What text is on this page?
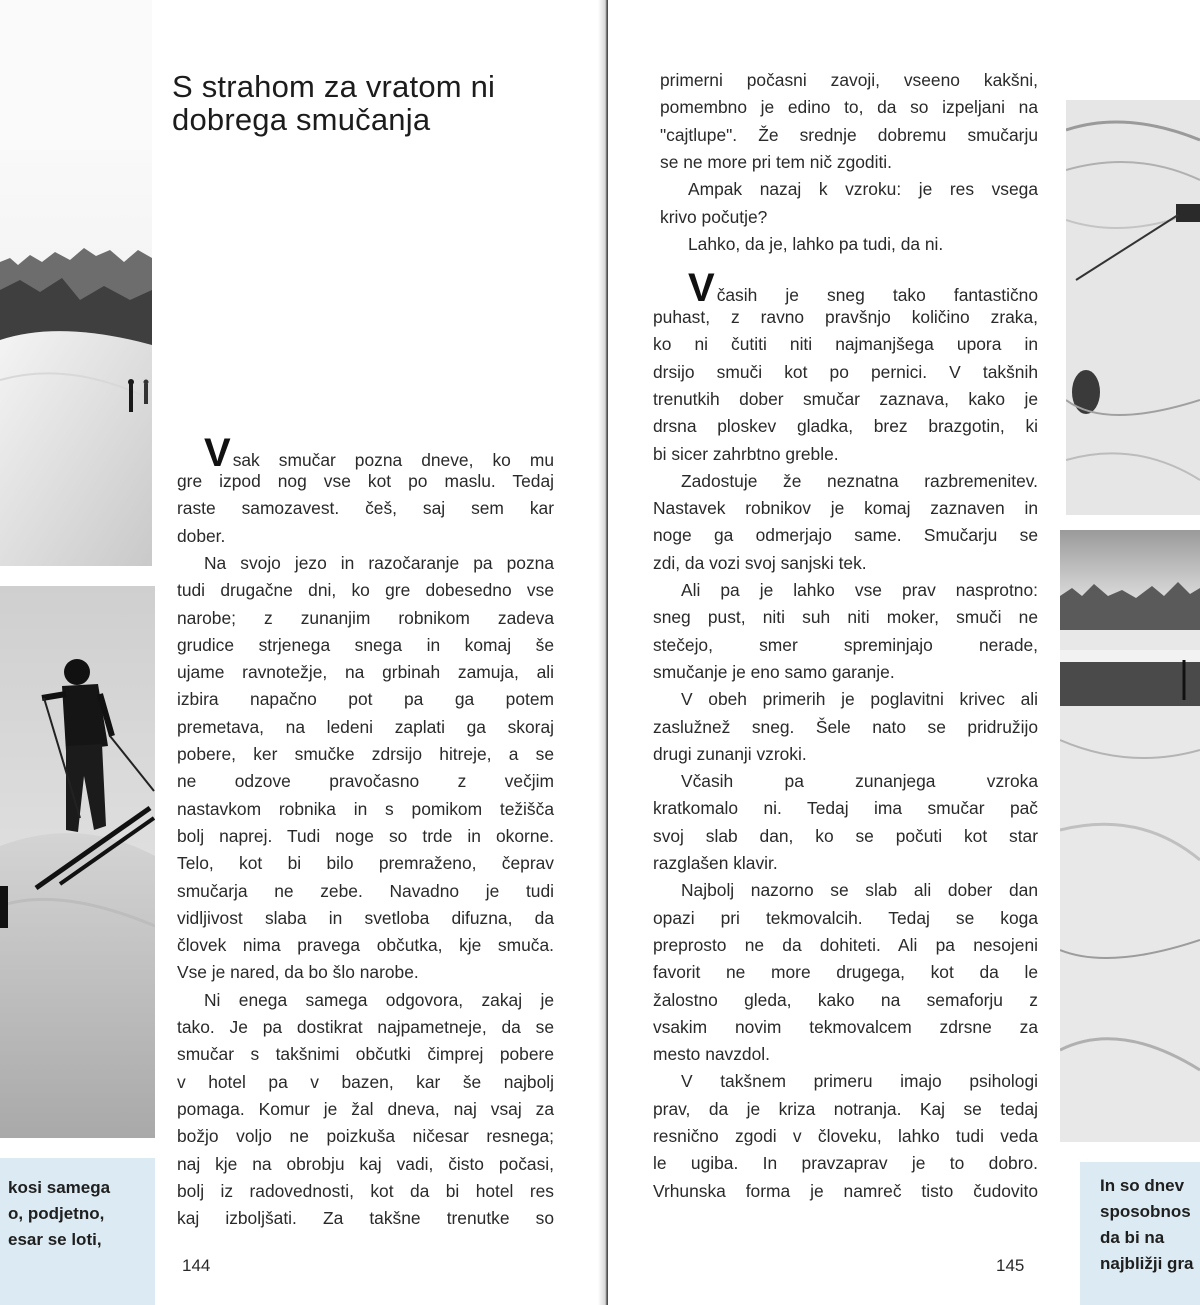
kosi samega
o, podjetno,
esar se loti,
S strahom za vratom ni
dobrega smučanja
Vsak smučar pozna dneve, ko mu
gre izpod nog vse kot po maslu. Tedaj
raste samozavest. češ, saj sem kar
dober.
Na svojo jezo in razočaranje pa pozna
tudi drugačne dni, ko gre dobesedno vse
narobe; z zunanjim robnikom zadeva
grudice strjenega snega in komaj še
ujame ravnotežje, na grbinah zamuja, ali
izbira napačno pot pa ga potem
premetava, na ledeni zaplati ga skoraj
pobere, ker smučke zdrsijo hitreje, a se
ne odzove pravočasno z večjim
nastavkom robnika in s pomikom težišča
bolj naprej. Tudi noge so trde in okorne.
Telo, kot bi bilo premraženo, čeprav
smučarja ne zebe. Navadno je tudi
vidljivost slaba in svetloba difuzna, da
človek nima pravega občutka, kje smuča.
Vse je nared, da bo šlo narobe.
Ni enega samega odgovora, zakaj je
tako. Je pa dostikrat najpametneje, da se
smučar s takšnimi občutki čimprej pobere
v hotel pa v bazen, kar še najbolj
pomaga. Komur je žal dneva, naj vsaj za
božjo voljo ne poizkuša ničesar resnega;
naj kje na obrobju kaj vadi, čisto počasi,
bolj iz radovednosti, kot da bi hotel res
kaj izboljšati. Za takšne trenutke so
144
Včasih je sneg tako fantastično
primerni počasni zavoji, vseeno kakšni,
pomembno je edino to, da so izpeljani na
"cajtlupe". Že srednje dobremu smučarju
se ne more pri tem nič zgoditi.
Ampak nazaj k vzroku: je res vsega
krivo počutje?
Lahko, da je, lahko pa tudi, da ni.
puhast, z ravno pravšnjo količino zraka,
ko ni čutiti niti najmanjšega upora in
drsijo smuči kot po pernici. V takšnih
trenutkih dober smučar zaznava, kako je
drsna ploskev gladka, brez brazgotin, ki
bi sicer zahrbtno greble.
Zadostuje že neznatna razbremenitev.
Nastavek robnikov je komaj zaznaven in
noge ga odmerjajo same. Smučarju se
zdi, da vozi svoj sanjski tek.
Ali pa je lahko vse prav nasprotno:
sneg pust, niti suh niti moker, smuči ne
stečejo, smer spreminjajo nerade,
smučanje je eno samo garanje.
V obeh primerih je poglavitni krivec ali
zaslužnež sneg. Šele nato se pridružijo
drugi zunanji vzroki.
Včasih pa zunanjega vzroka
kratkomalo ni. Tedaj ima smučar pač
svoj slab dan, ko se počuti kot star
razglašen klavir.
Najbolj nazorno se slab ali dober dan
opazi pri tekmovalcih. Tedaj se koga
preprosto ne da dohiteti. Ali pa nesojeni
favorit ne more drugega, kot da le
žalostno gleda, kako na semaforju z
vsakim novim tekmovalcem zdrsne za
mesto navzdol.
V takšnem primeru imajo psihologi
prav, da je kriza notranja. Kaj se tedaj
resnično zgodi v človeku, lahko tudi veda
le ugiba. In pravzaprav je to dobro.
Vrhunska forma je namreč tisto čudovito	In so dnev
sposobnos
da bi na
najbližji gra
145
